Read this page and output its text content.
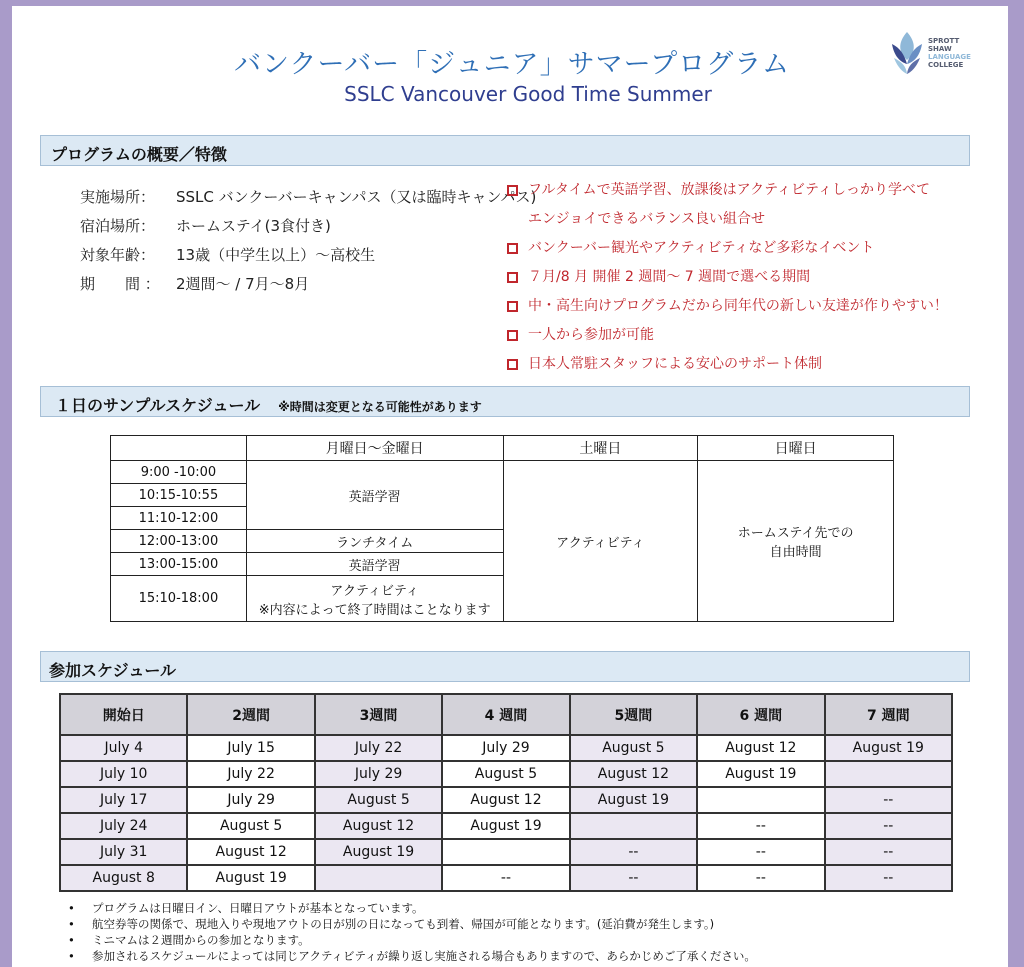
バンクーバー「ジュニア」サマープログラム
SSLC Vancouver Good Time Summer
SPROTT
SHAW
LANGUAGE
COLLEGE
プログラムの概要／特徴
実施場所：	SSLC バンクーバーキャンパス（又は臨時キャンパス)
宿泊場所：	ホームステイ(3食付き)
対象年齢：	13歳（中学生以上）～高校生
期　　間 ：	2週間～ / 7月～8月
フルタイムで英語学習、放課後はアクティビティしっかり学べて
エンジョイできるバランス良い組合せ
バンクーバー観光やアクティビティなど多彩なイベント
７月/8 月 開催 2 週間～ 7 週間で選べる期間
中・高生向けプログラムだから同年代の新しい友達が作りやすい！
一人から参加が可能
日本人常駐スタッフによる安心のサポート体制
１日のサンプルスケジュール ※時間は変更となる可能性があります
	月曜日～金曜日	土曜日	日曜日
9:00 -10:00	英語学習	アクティビティ	ホームステイ先での
自由時間

10:15-10:55			
11:10-12:00			
12:00-13:00	ランチタイム		
13:00-15:00	英語学習		
15:10-18:00	アクティビティ
※内容によって終了時間はことなります		
参加スケジュール
開始日	2週間	3週間	4 週間	5週間	6 週間	7 週間
July 4	July 15	July 22	July 29	August 5	August 12	August 19
July 10	July 22	July 29	August 5	August 12	August 19	
July 17	July 29	August 5	August 12	August 19		--
July 24	August 5	August 12	August 19		--	--
July 31	August 12	August 19		--	--	--
August 8	August 19		--	--	--	--
•	プログラムは日曜日イン、日曜日アウトが基本となっています。
•	航空券等の関係で、現地入りや現地アウトの日が別の日になっても到着、帰国が可能となります。(延泊費が発生します。)
•	ミニマムは２週間からの参加となります。
•	参加されるスケジュールによっては同じアクティビティが繰り返し実施される場合もありますので、あらかじめご了承ください。
